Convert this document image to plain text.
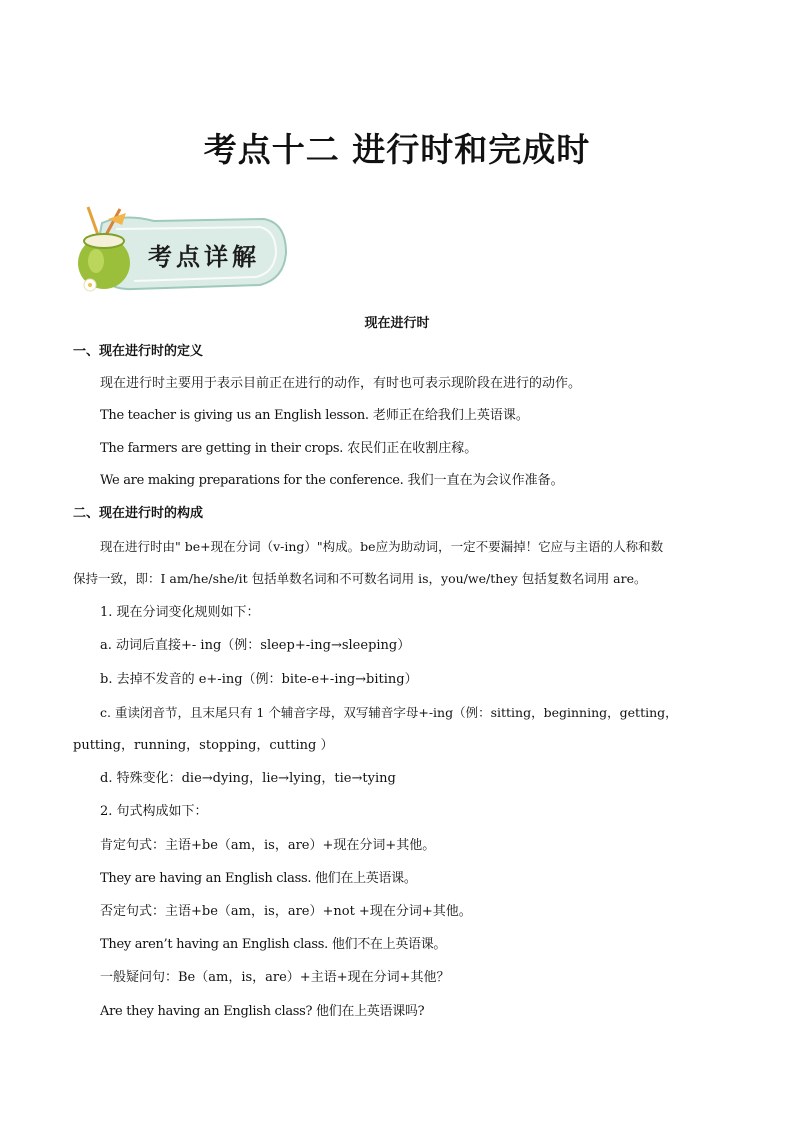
考点十二 进行时和完成时
考点详解
现在进行时
一、现在进行时的定义
现在进行时主要用于表示目前正在进行的动作，有时也可表示现阶段在进行的动作。
The teacher is giving us an English lesson. 老师正在给我们上英语课。
The farmers are getting in their crops. 农民们正在收割庄稼。
We are making preparations for the conference. 我们一直在为会议作准备。
二、现在进行时的构成
现在进行时由" be+现在分词（v-ing）"构成。be应为助动词，一定不要漏掉！它应与主语的人称和数
保持一致，即：I am/he/she/it 包括单数名词和不可数名词用 is，you/we/they 包括复数名词用 are。
1. 现在分词变化规则如下：
a. 动词后直接+- ing（例：sleep+-ing→sleeping）
b. 去掉不发音的 e+-ing（例：bite-e+-ing→biting）
c. 重读闭音节，且末尾只有 1 个辅音字母，双写辅音字母+-ing（例：sitting，beginning，getting，
putting，running，stopping，cutting ）
d. 特殊变化：die→dying，lie→lying，tie→tying
2. 句式构成如下：
肯定句式：主语+be（am，is，are）+现在分词+其他。
They are having an English class. 他们在上英语课。
否定句式：主语+be（am，is，are）+not +现在分词+其他。
They aren’t having an English class. 他们不在上英语课。
一般疑问句：Be（am，is，are）+主语+现在分词+其他？
Are they having an English class? 他们在上英语课吗?
